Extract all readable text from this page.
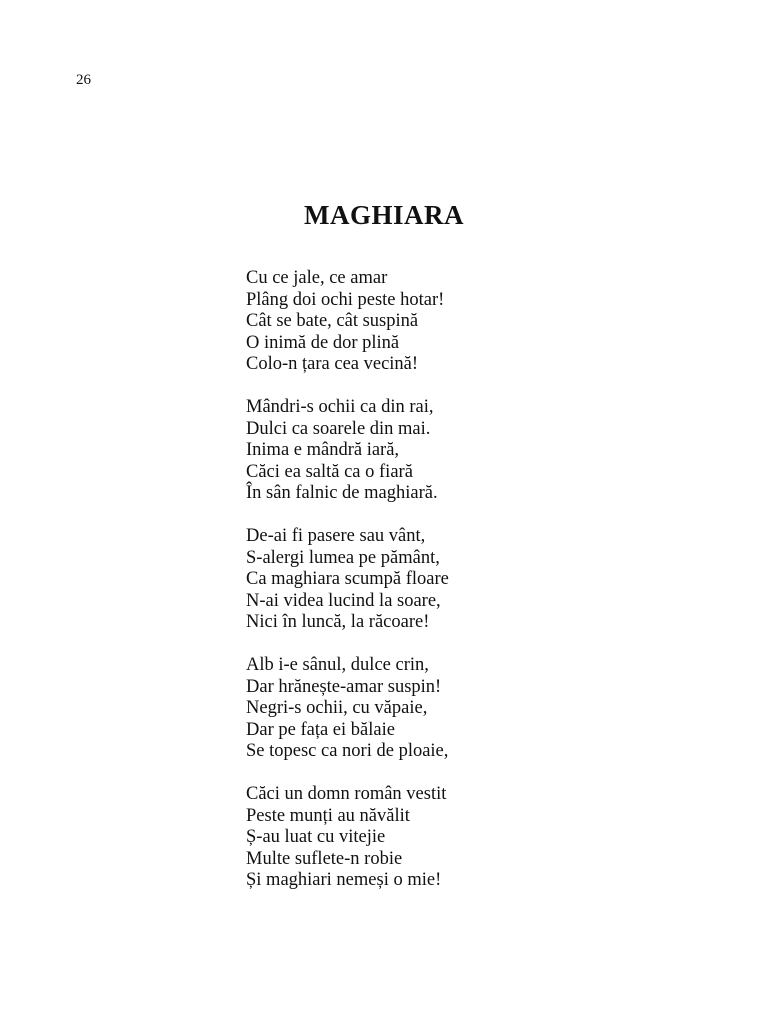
26
MAGHIARA
Cu ce jale, ce amar
Plâng doi ochi peste hotar!
Cât se bate, cât suspină
O inimă de dor plină
Colo-n țara cea vecină!
Mândri-s ochii ca din rai,
Dulci ca soarele din mai.
Inima e mândră iară,
Căci ea saltă ca o fiară
În sân falnic de maghiară.
De-ai fi pasere sau vânt,
S-alergi lumea pe pământ,
Ca maghiara scumpă floare
N-ai videa lucind la soare,
Nici în luncă, la răcoare!
Alb i-e sânul, dulce crin,
Dar hrănește-amar suspin!
Negri-s ochii, cu văpaie,
Dar pe fața ei bălaie
Se topesc ca nori de ploaie,
Căci un domn român vestit
Peste munți au năvălit
Ș-au luat cu vitejie
Multe suflete-n robie
Și maghiari nemeși o mie!
